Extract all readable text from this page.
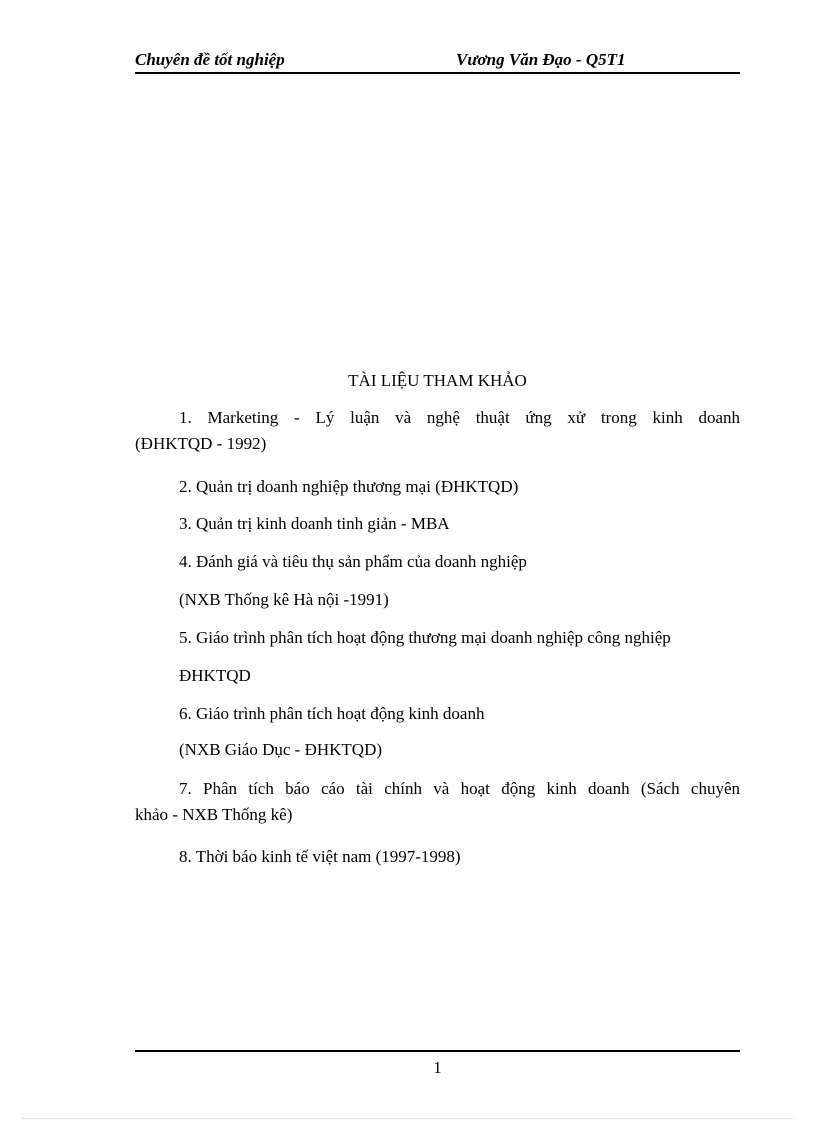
Chuyên đề tốt nghiệp	Vương Văn Đạo - Q5T1
TÀI LIỆU THAM KHẢO
1. Marketing - Lý luận và nghệ thuật ứng xử trong kinh doanh
(ĐHKTQD - 1992)
2. Quản trị doanh nghiệp thương mại (ĐHKTQD)
3. Quản trị kinh doanh tinh giản - MBA
4. Đánh giá và tiêu thụ sản phẩm của doanh nghiệp
(NXB Thống kê Hà nội -1991)
5. Giáo trình phân tích hoạt động thương mại doanh nghiệp công nghiệp
ĐHKTQD
6. Giáo trình phân tích hoạt động kinh doanh
(NXB Giáo Dục - ĐHKTQD)
7. Phân tích báo cáo tài chính và hoạt động kinh doanh (Sách chuyên
khảo - NXB Thống kê)
8. Thời báo kinh tế việt nam (1997-1998)
1
